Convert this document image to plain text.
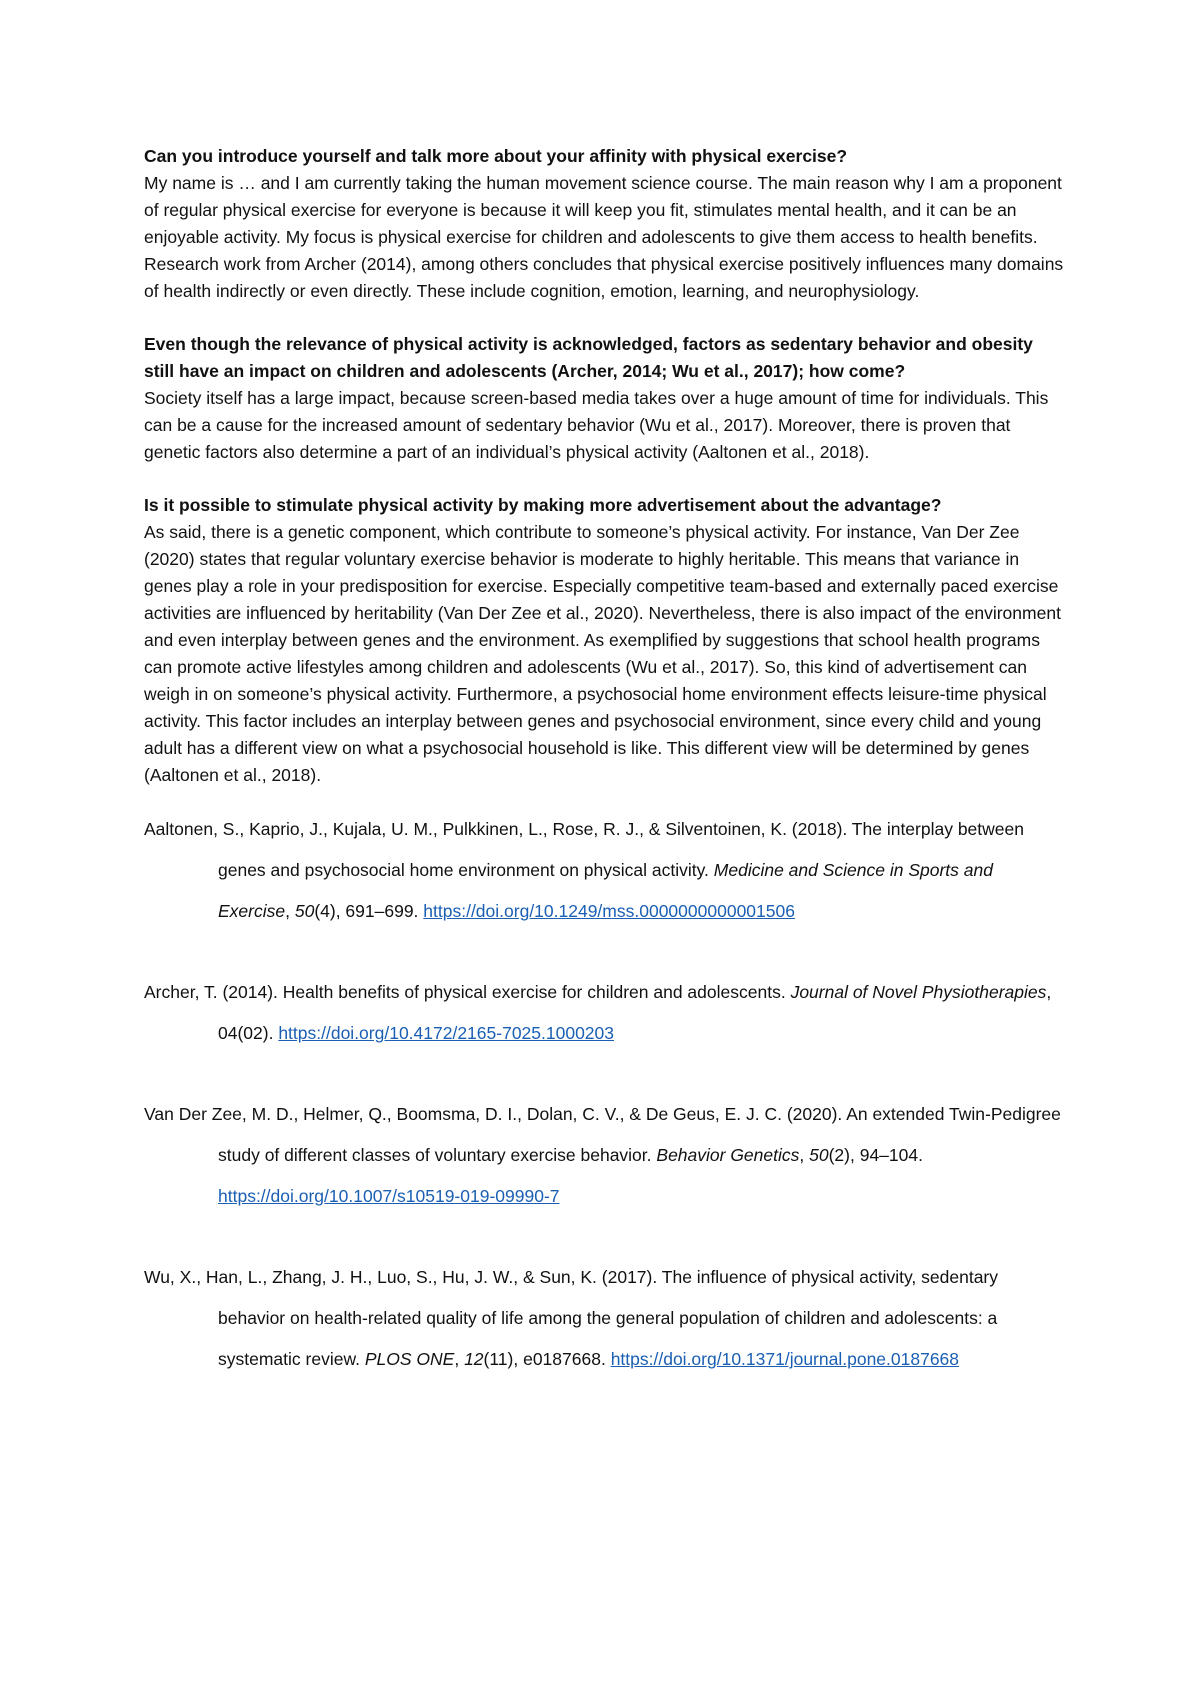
Can you introduce yourself and talk more about your affinity with physical exercise?

My name is … and I am currently taking the human movement science course. The main reason why I am a proponent of regular physical exercise for everyone is because it will keep you fit, stimulates mental health, and it can be an enjoyable activity. My focus is physical exercise for children and adolescents to give them access to health benefits. Research work from Archer (2014), among others concludes that physical exercise positively influences many domains of health indirectly or even directly. These include cognition, emotion, learning, and neurophysiology.

Even though the relevance of physical activity is acknowledged, factors as sedentary behavior and obesity still have an impact on children and adolescents (Archer, 2014; Wu et al., 2017); how come?

Society itself has a large impact, because screen-based media takes over a huge amount of time for individuals. This can be a cause for the increased amount of sedentary behavior (Wu et al., 2017). Moreover, there is proven that genetic factors also determine a part of an individual’s physical activity (Aaltonen et al., 2018).

Is it possible to stimulate physical activity by making more advertisement about the advantage?

As said, there is a genetic component, which contribute to someone’s physical activity. For instance, Van Der Zee (2020) states that regular voluntary exercise behavior is moderate to highly heritable. This means that variance in genes play a role in your predisposition for exercise. Especially competitive team-based and externally paced exercise activities are influenced by heritability (Van Der Zee et al., 2020). Nevertheless, there is also impact of the environment and even interplay between genes and the environment. As exemplified by suggestions that school health programs can promote active lifestyles among children and adolescents (Wu et al., 2017). So, this kind of advertisement can weigh in on someone’s physical activity. Furthermore, a psychosocial home environment effects leisure-time physical activity. This factor includes an interplay between genes and psychosocial environment, since every child and young adult has a different view on what a psychosocial household is like. This different view will be determined by genes (Aaltonen et al., 2018).

Aaltonen, S., Kaprio, J., Kujala, U. M., Pulkkinen, L., Rose, R. J., & Silventoinen, K. (2018). The interplay between genes and psychosocial home environment on physical activity. Medicine and Science in Sports and Exercise, 50(4), 691–699. https://doi.org/10.1249/mss.0000000000001506

Archer, T. (2014). Health benefits of physical exercise for children and adolescents. Journal of Novel Physiotherapies, 04(02). https://doi.org/10.4172/2165-7025.1000203

Van Der Zee, M. D., Helmer, Q., Boomsma, D. I., Dolan, C. V., & De Geus, E. J. C. (2020). An extended Twin-Pedigree study of different classes of voluntary exercise behavior. Behavior Genetics, 50(2), 94–104. https://doi.org/10.1007/s10519-019-09990-7

Wu, X., Han, L., Zhang, J. H., Luo, S., Hu, J. W., & Sun, K. (2017). The influence of physical activity, sedentary behavior on health-related quality of life among the general population of children and adolescents: a systematic review. PLOS ONE, 12(11), e0187668. https://doi.org/10.1371/journal.pone.0187668
